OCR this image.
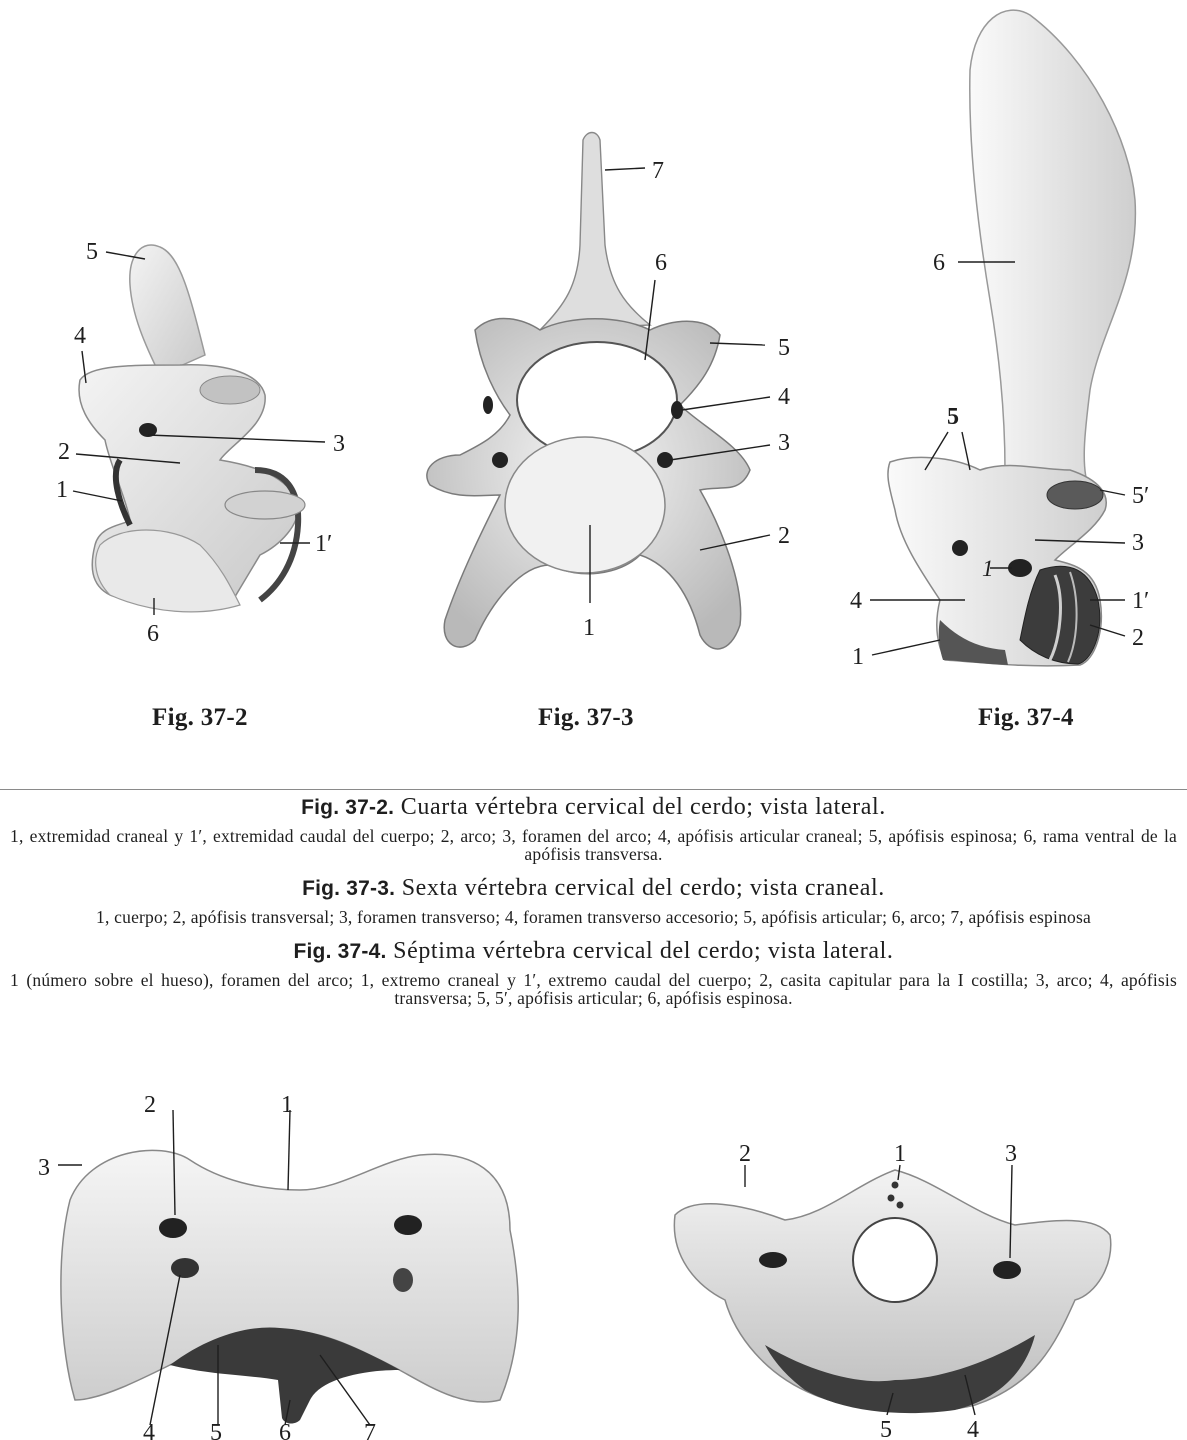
5
4
3
2
1
1′
6
Fig. 37-2
7
6
5
4
3
2
1
Fig. 37-3
6
5
5′
3
1
4	1′
2
1
Fig. 37-4

Fig. 37-2. Cuarta vértebra cervical del cerdo; vista lateral.

1, extremidad craneal y 1′, extremidad caudal del cuerpo; 2, arco; 3, foramen del arco; 4, apófisis articular craneal; 5, apófisis espinosa; 6, rama ventral de la apófisis transversa.

Fig. 37-3. Sexta vértebra cervical del cerdo; vista craneal.

1, cuerpo; 2, apófisis transversal; 3, foramen transverso; 4, foramen transverso accesorio; 5, apófisis articular; 6, arco; 7, apófisis espinosa

Fig. 37-4. Séptima vértebra cervical del cerdo; vista lateral.

1 (número sobre el hueso), foramen del arco; 1, extremo craneal y 1′, extremo caudal del cuerpo; 2, casita capitular para la I costilla; 3, arco; 4, apófisis transversa; 5, 5′, apófisis articular; 6, apófisis espinosa.

2	1
3
4 5 6	7
2	1	3
5	4
